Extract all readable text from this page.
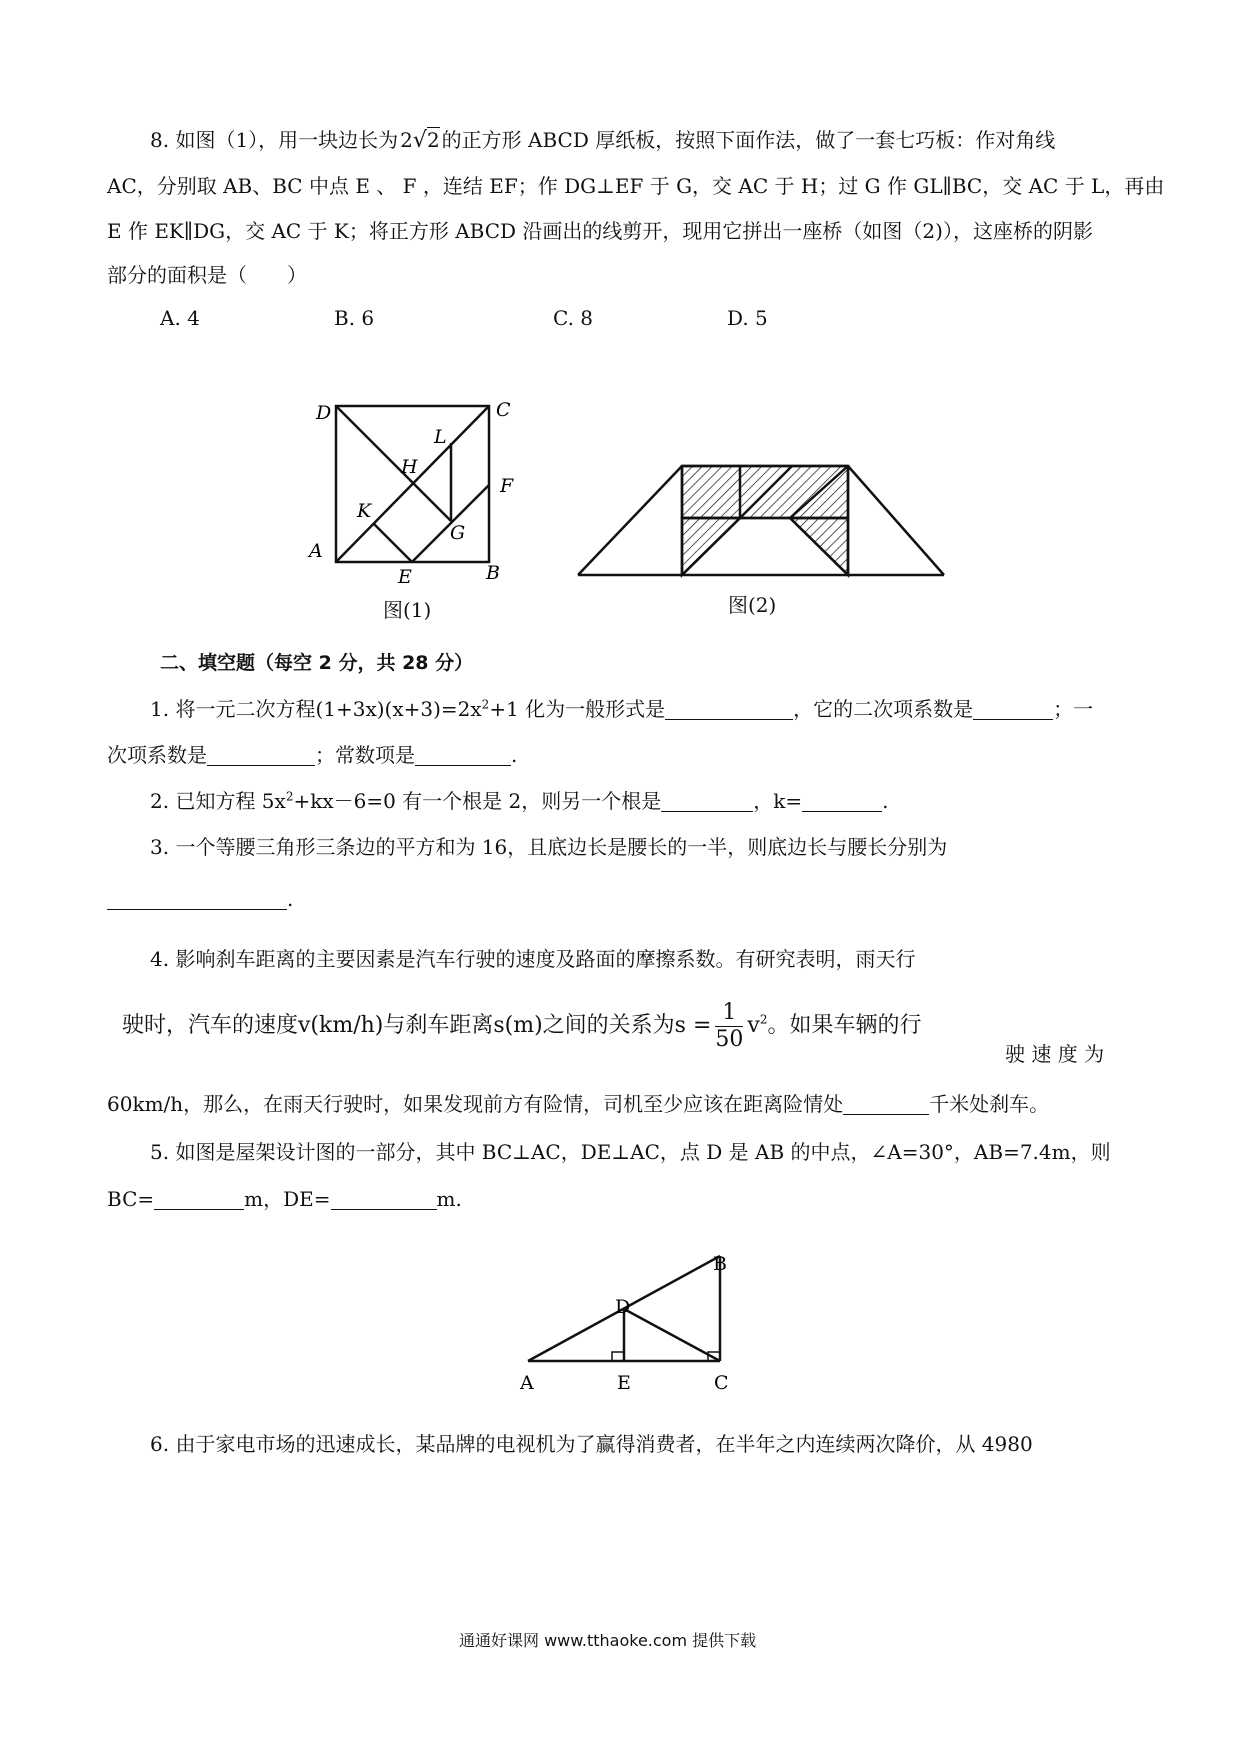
8. 如图（1），用一块边长为 2√2 的正方形 ABCD 厚纸板，按照下面作法，做了一套七巧板：作对角线
AC，分别取 AB、BC 中点 E 、 F ，连结 EF；作 DG⊥EF 于 G，交 AC 于 H；过 G 作 GL∥BC，交 AC 于 L，再由
E 作 EK∥DG，交 AC 于 K；将正方形 ABCD 沿画出的线剪开，现用它拼出一座桥（如图（2)），这座桥的阴影
部分的面积是（　　）
A. 4	B. 6	C. 8	D. 5
D	C
L
H
F
K
G
A
E	B
图(1)	图(2)
二、填空题（每空 2 分，共 28 分）
1. 将一元二次方程$(1+3x)(x+3)=2x^2+1$ 化为一般形式是	，它的二次项系数是	；一
次项系数是	；常数项是	.
2. 已知方程 $5x^2+kx-6=0$ 有一个根是 2，则另一个根是	，k=	.
3. 一个等腰三角形三条边的平方和为 16，且底边长是腰长的一半，则底边长与腰长分别为
.
4. 影响刹车距离的主要因素是汽车行驶的速度及路面的摩擦系数。有研究表明，雨天行
驶时，汽车的速度v(km/h)与刹车距离s(m)之间的关系为$s = \frac{1}{50} v^2$。如果车辆的行
驶 速 度 为
60km/h，那么，在雨天行驶时，如果发现前方有险情，司机至少应该在距离险情处	千米处刹车。
5. 如图是屋架设计图的一部分，其中 BC⊥AC，DE⊥AC，点 D 是 AB 的中点，∠A=30°，AB=7.4m，则
BC=	m，DE=	m.
B
D
A	E	C
6. 由于家电市场的迅速成长，某品牌的电视机为了赢得消费者，在半年之内连续两次降价，从 4980
通通好课网 www.tthaoke.com 提供下载
